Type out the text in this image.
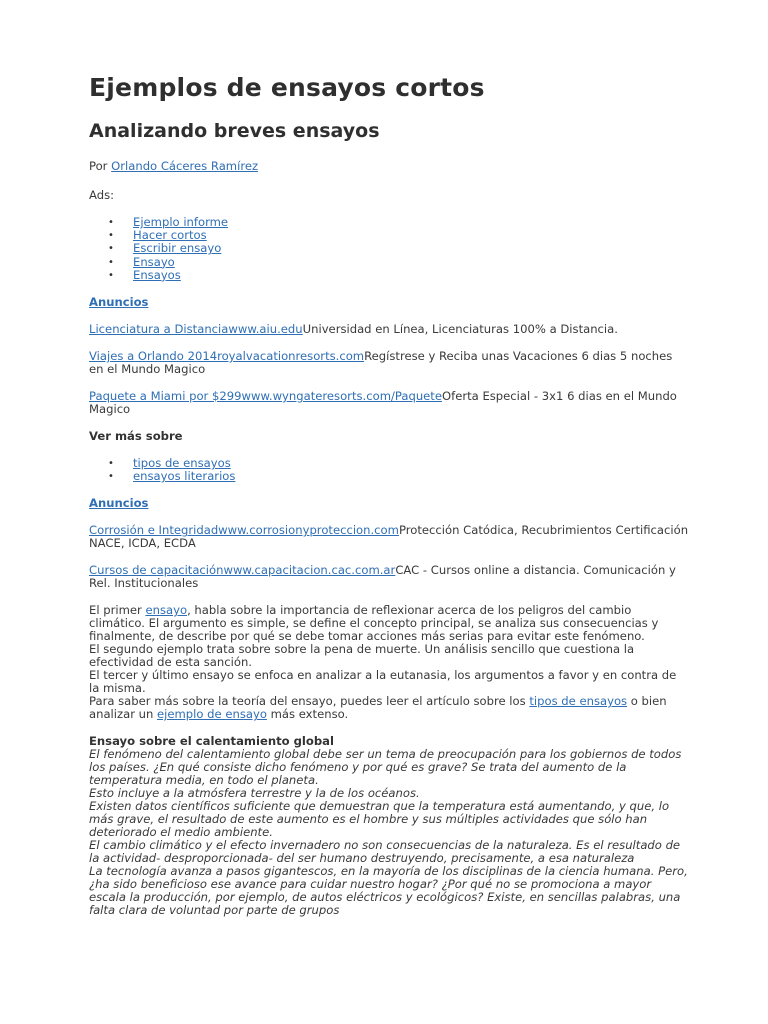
Ejemplos de ensayos cortos
Analizando breves ensayos

Por Orlando Cáceres Ramírez

Ads:

• Ejemplo informe
• Hacer cortos
• Escribir ensayo
• Ensayo
• Ensayos

Anuncios

Licenciatura a Distanciawww.aiu.eduUniversidad en Línea, Licenciaturas 100% a Distancia.

Viajes a Orlando 2014royalvacationresorts.comRegístrese y Reciba unas Vacaciones 6 dias 5 noches en el Mundo Magico

Paquete a Miami por $299www.wyngateresorts.com/PaqueteOferta Especial - 3x1 6 dias en el Mundo Magico

Ver más sobre

• tipos de ensayos
• ensayos literarios

Anuncios

Corrosión e Integridadwww.corrosionyproteccion.comProtección Catódica, Recubrimientos Certificación NACE, ICDA, ECDA

Cursos de capacitaciónwww.capacitacion.cac.com.arCAC - Cursos online a distancia. Comunicación y Rel. Institucionales

El primer ensayo, habla sobre la importancia de reflexionar acerca de los peligros del cambio climático. El argumento es simple, se define el concepto principal, se analiza sus consecuencias y finalmente, de describe por qué se debe tomar acciones más serias para evitar este fenómeno.

El segundo ejemplo trata sobre sobre la pena de muerte. Un análisis sencillo que cuestiona la efectividad de esta sanción.

El tercer y último ensayo se enfoca en analizar a la eutanasia, los argumentos a favor y en contra de la misma.

Para saber más sobre la teoría del ensayo, puedes leer el artículo sobre los tipos de ensayos o bien analizar un ejemplo de ensayo más extenso.

Ensayo sobre el calentamiento global

El fenómeno del calentamiento global debe ser un tema de preocupación para los gobiernos de todos los países. ¿En qué consiste dicho fenómeno y por qué es grave? Se trata del aumento de la temperatura media, en todo el planeta.

Esto incluye a la atmósfera terrestre y la de los océanos.

Existen datos científicos suficiente que demuestran que la temperatura está aumentando, y que, lo más grave, el resultado de este aumento es el hombre y sus múltiples actividades que sólo han deteriorado el medio ambiente.

El cambio climático y el efecto invernadero no son consecuencias de la naturaleza. Es el resultado de la actividad- desproporcionada- del ser humano destruyendo, precisamente, a esa naturaleza

La tecnología avanza a pasos gigantescos, en la mayoría de los disciplinas de la ciencia humana. Pero, ¿ha sido beneficioso ese avance para cuidar nuestro hogar? ¿Por qué no se promociona a mayor escala la producción, por ejemplo, de autos eléctricos y ecológicos? Existe, en sencillas palabras, una falta clara de voluntad por parte de grupos
